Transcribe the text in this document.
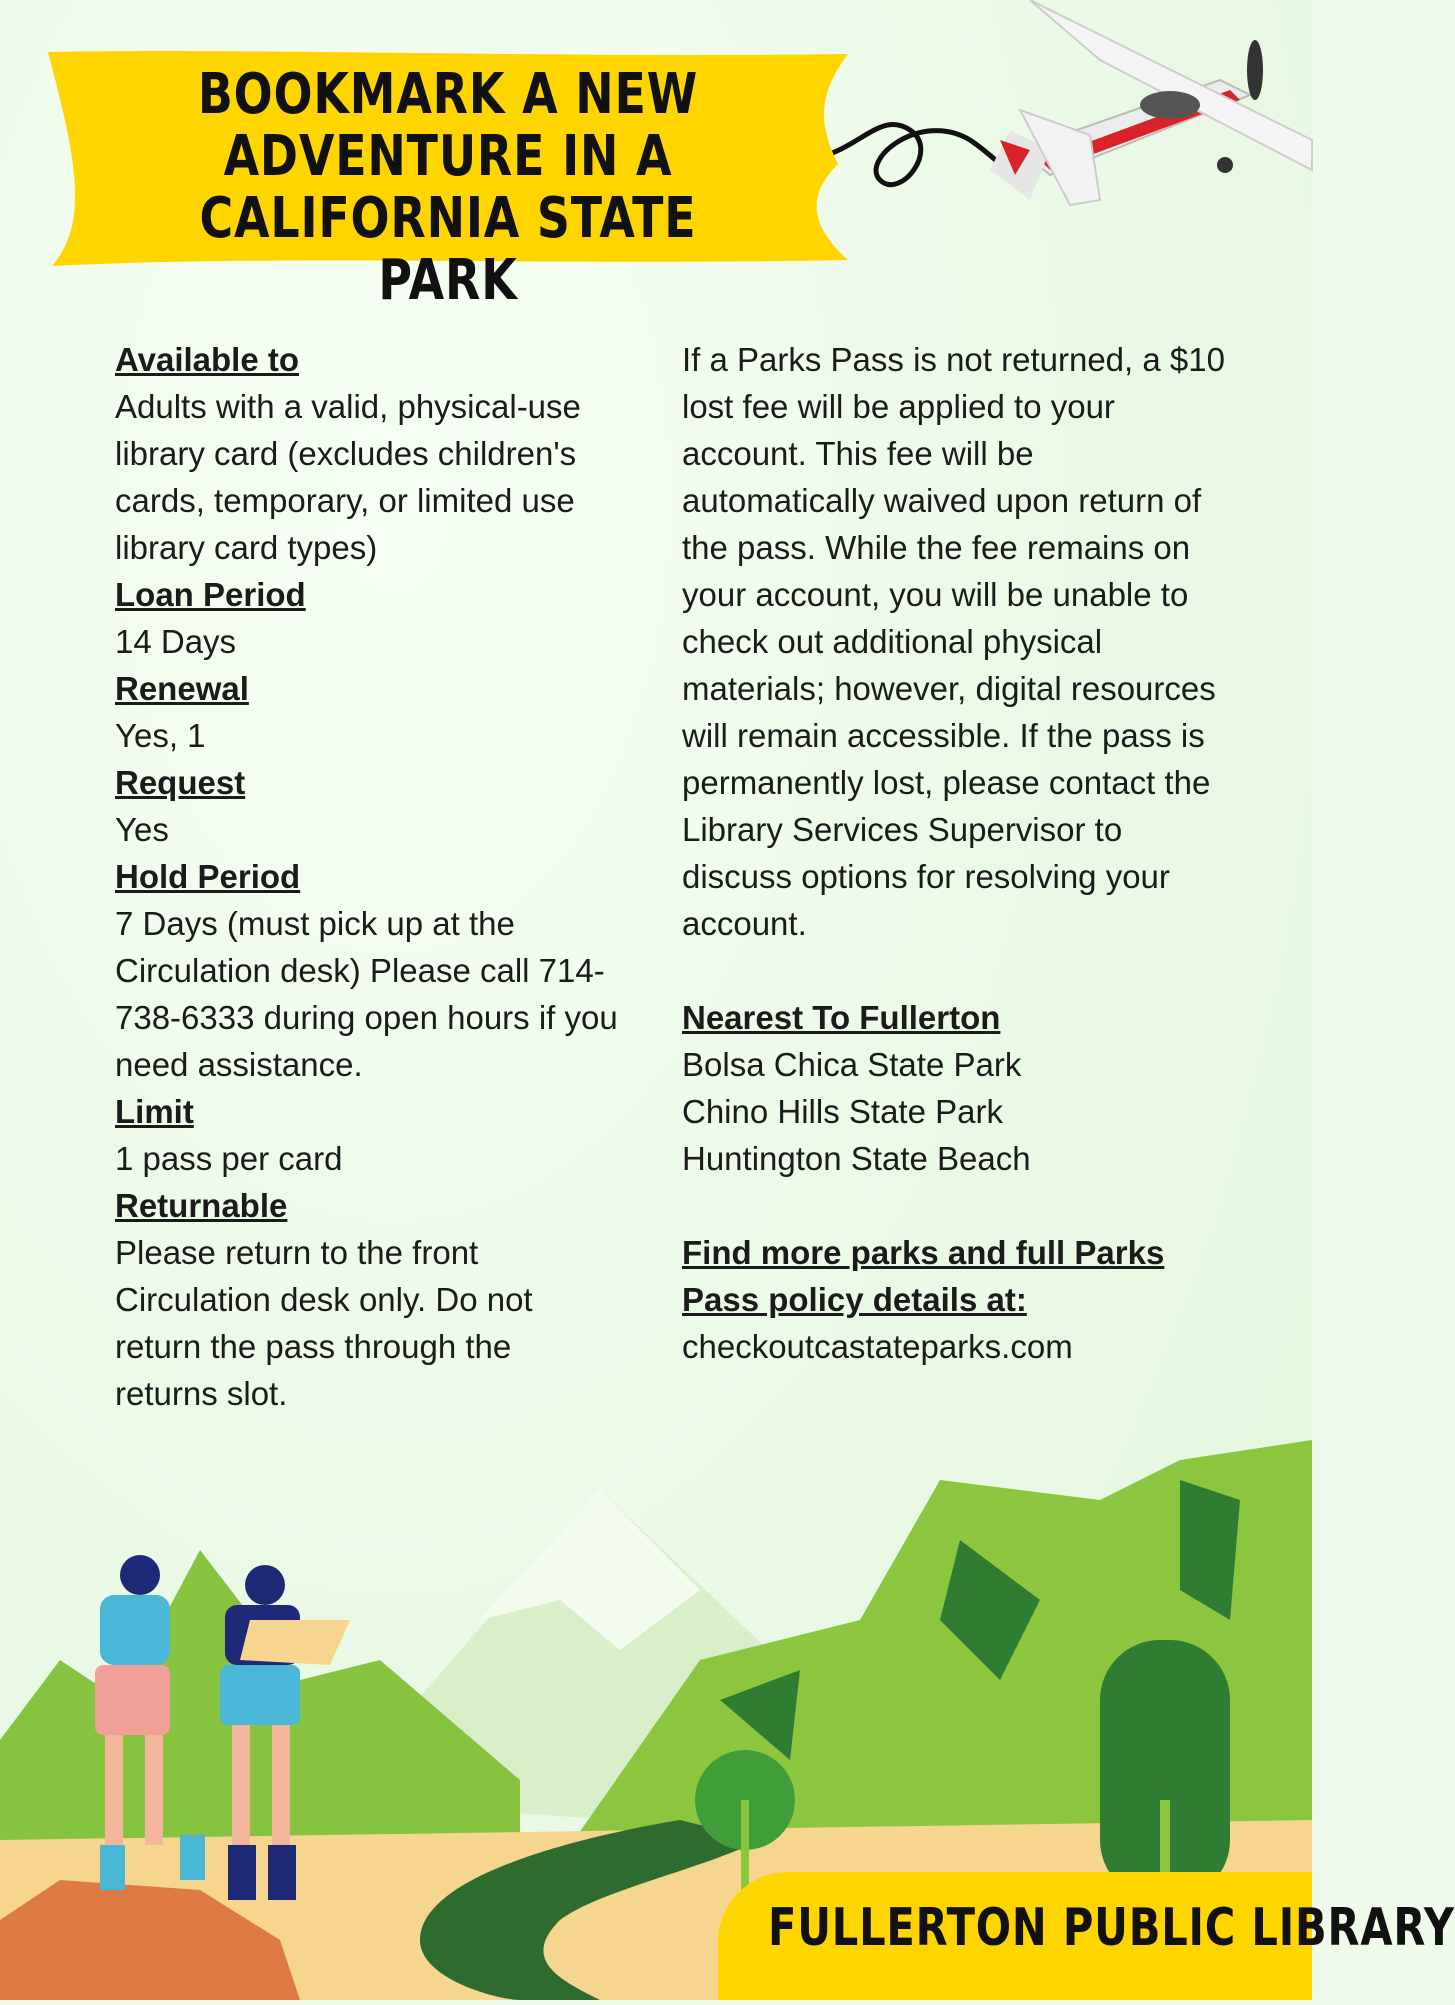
BOOKMARK A NEW
ADVENTURE IN A
CALIFORNIA STATE PARK
Available to
Adults with a valid, physical-use library card (excludes children's cards, temporary, or limited use library card types)
Loan Period
14 Days
Renewal
Yes, 1
Request
Yes
Hold Period
7 Days (must pick up at the Circulation desk) Please call 714-738-6333 during open hours if you need assistance.
Limit
1 pass per card
Returnable
Please return to the front Circulation desk only. Do not return the pass through the returns slot.
If a Parks Pass is not returned, a $10 lost fee will be applied to your account. This fee will be automatically waived upon return of the pass. While the fee remains on your account, you will be unable to check out additional physical materials; however, digital resources will remain accessible. If the pass is permanently lost, please contact the Library Services Supervisor to discuss options for resolving your account.
Nearest To Fullerton
Bolsa Chica State Park
Chino Hills State Park
Huntington State Beach
Find more parks and full Parks Pass policy details at:
checkoutcastateparks.com
FULLERTON PUBLIC LIBRARY
